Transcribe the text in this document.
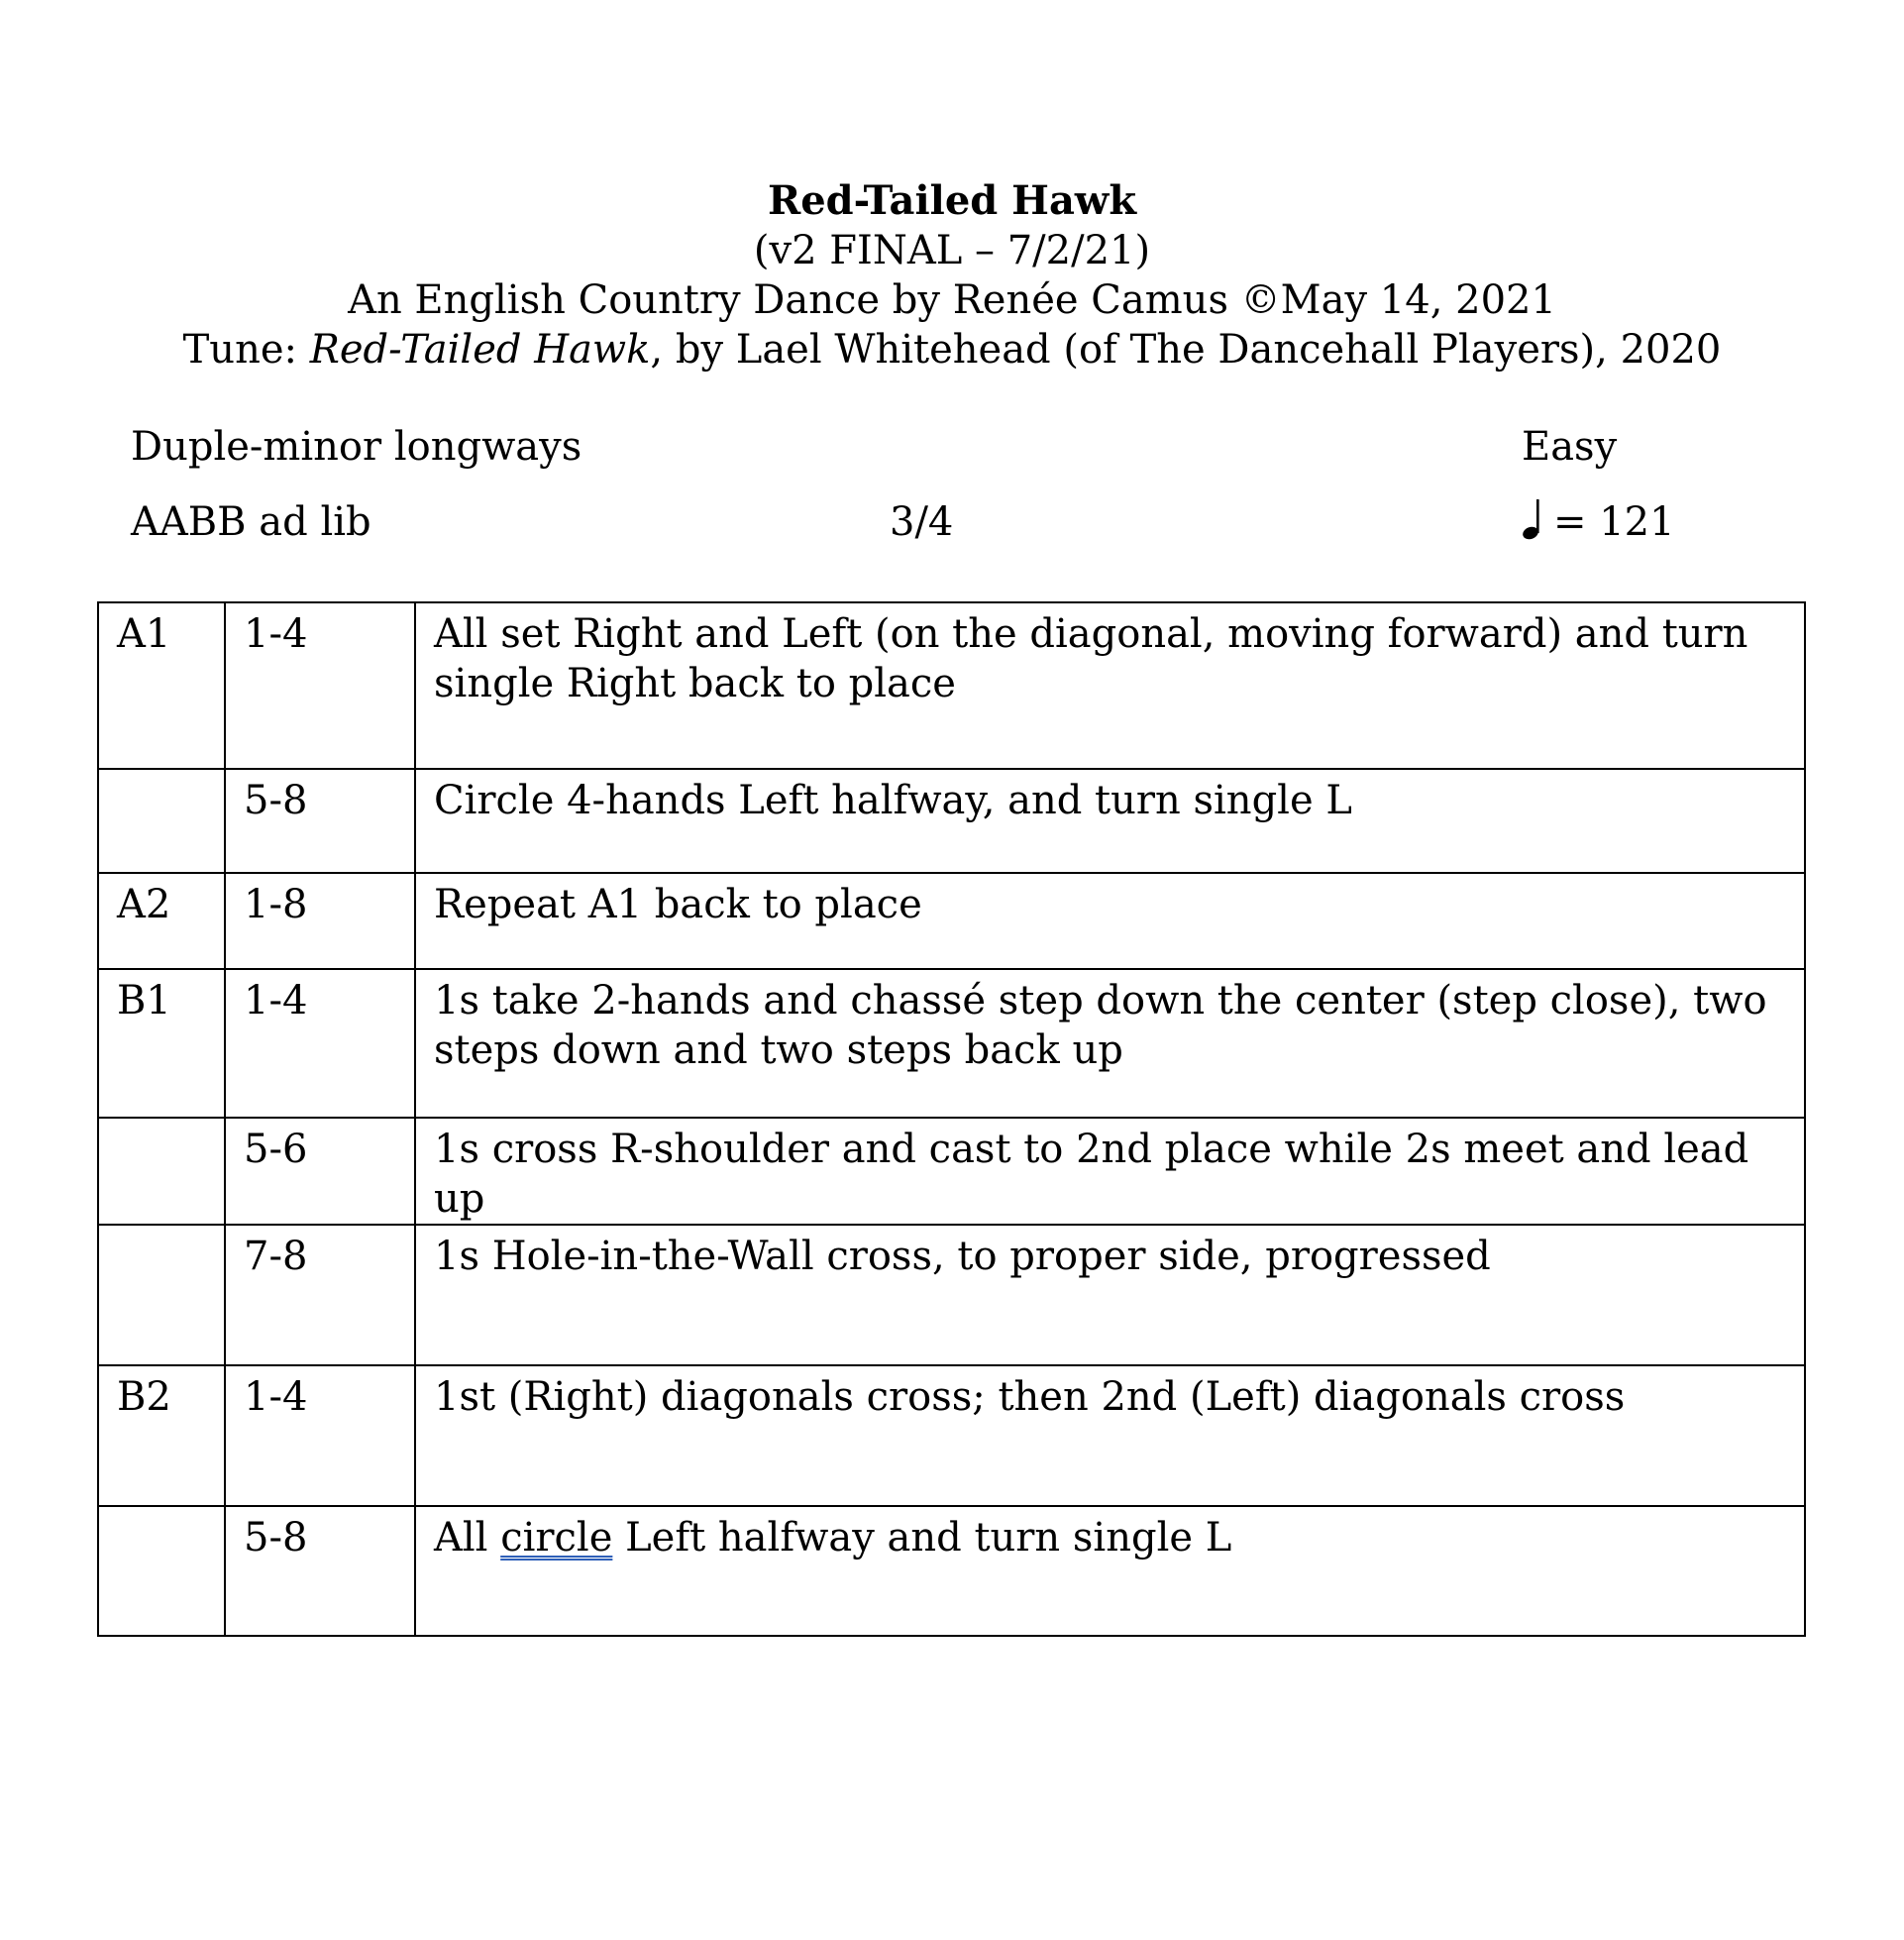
Red-Tailed Hawk
(v2 FINAL – 7/2/21)
An English Country Dance by Renée Camus ©May 14, 2021
Tune: Red-Tailed Hawk, by Lael Whitehead (of The Dancehall Players), 2020
Duple-minor longways	Easy
AABB ad lib	3/4	= 121
A1	1-4	All set Right and Left (on the diagonal, moving forward) and turn single Right back to place
	5-8	Circle 4-hands Left halfway, and turn single L
A2	1-8	Repeat A1 back to place
B1	1-4	1s take 2-hands and chassé step down the center (step close), two steps down and two steps back up
	5-6	1s cross R-shoulder and cast to 2nd place while 2s meet and lead up
	7-8	1s Hole-in-the-Wall cross, to proper side, progressed
B2	1-4	1st (Right) diagonals cross; then 2nd (Left) diagonals cross
	5-8	All circle Left halfway and turn single L
